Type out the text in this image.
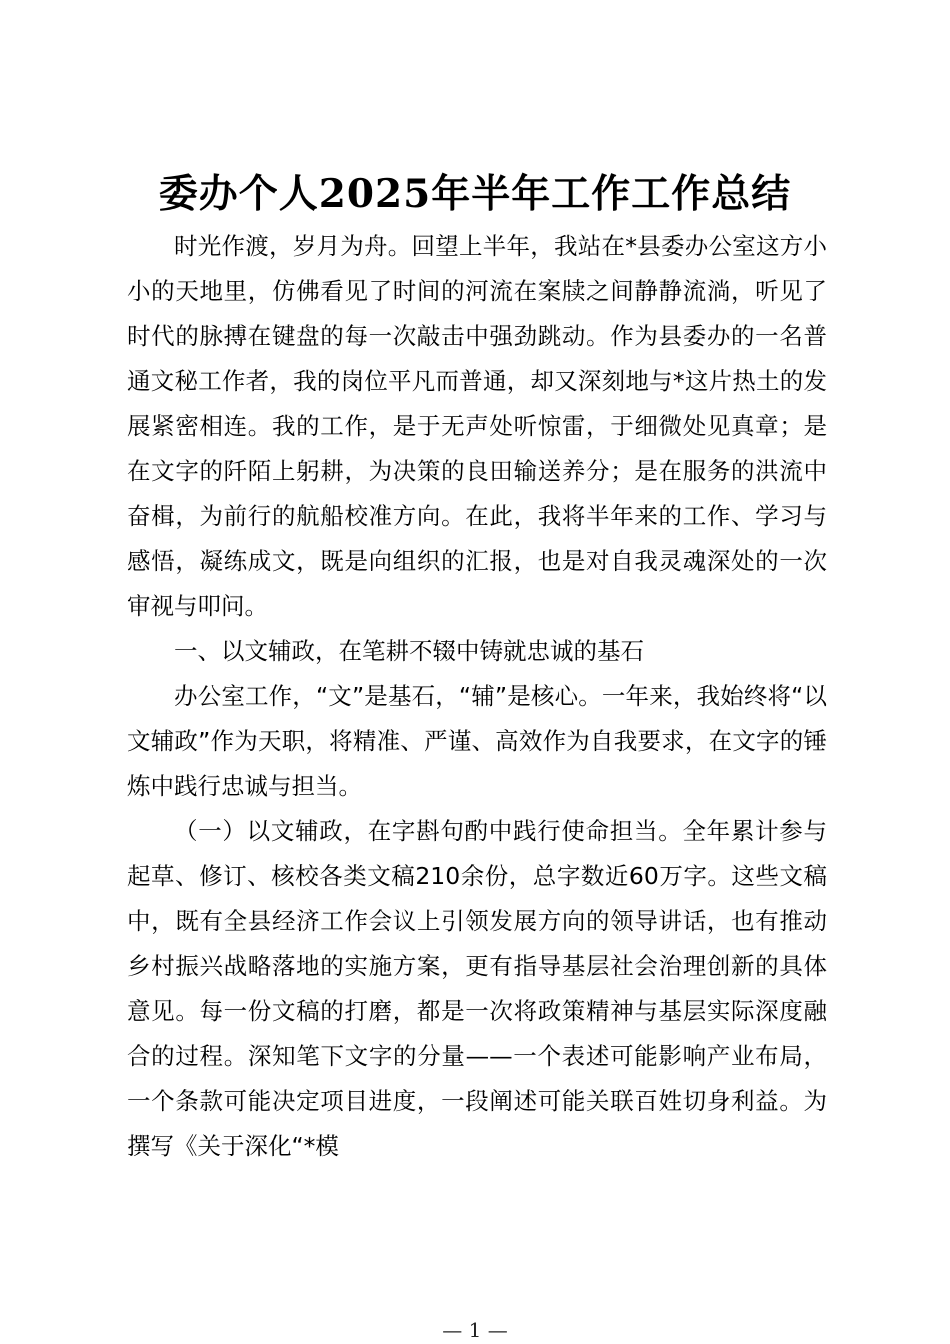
委办个人2025年半年工作工作总结

时光作渡，岁月为舟。回望上半年，我站在*县委办公室这方小小的天地里，仿佛看见了时间的河流在案牍之间静静流淌，听见了时代的脉搏在键盘的每一次敲击中强劲跳动。作为县委办的一名普通文秘工作者，我的岗位平凡而普通，却又深刻地与*这片热土的发展紧密相连。我的工作，是于无声处听惊雷，于细微处见真章；是在文字的阡陌上躬耕，为决策的良田输送养分；是在服务的洪流中奋楫，为前行的航船校准方向。在此，我将半年来的工作、学习与感悟，凝练成文，既是向组织的汇报，也是对自我灵魂深处的一次审视与叩问。

一、以文辅政，在笔耕不辍中铸就忠诚的基石

办公室工作，“文”是基石，“辅”是核心。一年来，我始终将“以文辅政”作为天职，将精准、严谨、高效作为自我要求，在文字的锤炼中践行忠诚与担当。

（一）以文辅政，在字斟句酌中践行使命担当。全年累计参与起草、修订、核校各类文稿210余份，总字数近60万字。这些文稿中，既有全县经济工作会议上引领发展方向的领导讲话，也有推动乡村振兴战略落地的实施方案，更有指导基层社会治理创新的具体意见。每一份文稿的打磨，都是一次将政策精神与基层实际深度融合的过程。深知笔下文字的分量——一个表述可能影响产业布局，一个条款可能决定项目进度，一段阐述可能关联百姓切身利益。为撰写《关于深化“*模

— 1 —
